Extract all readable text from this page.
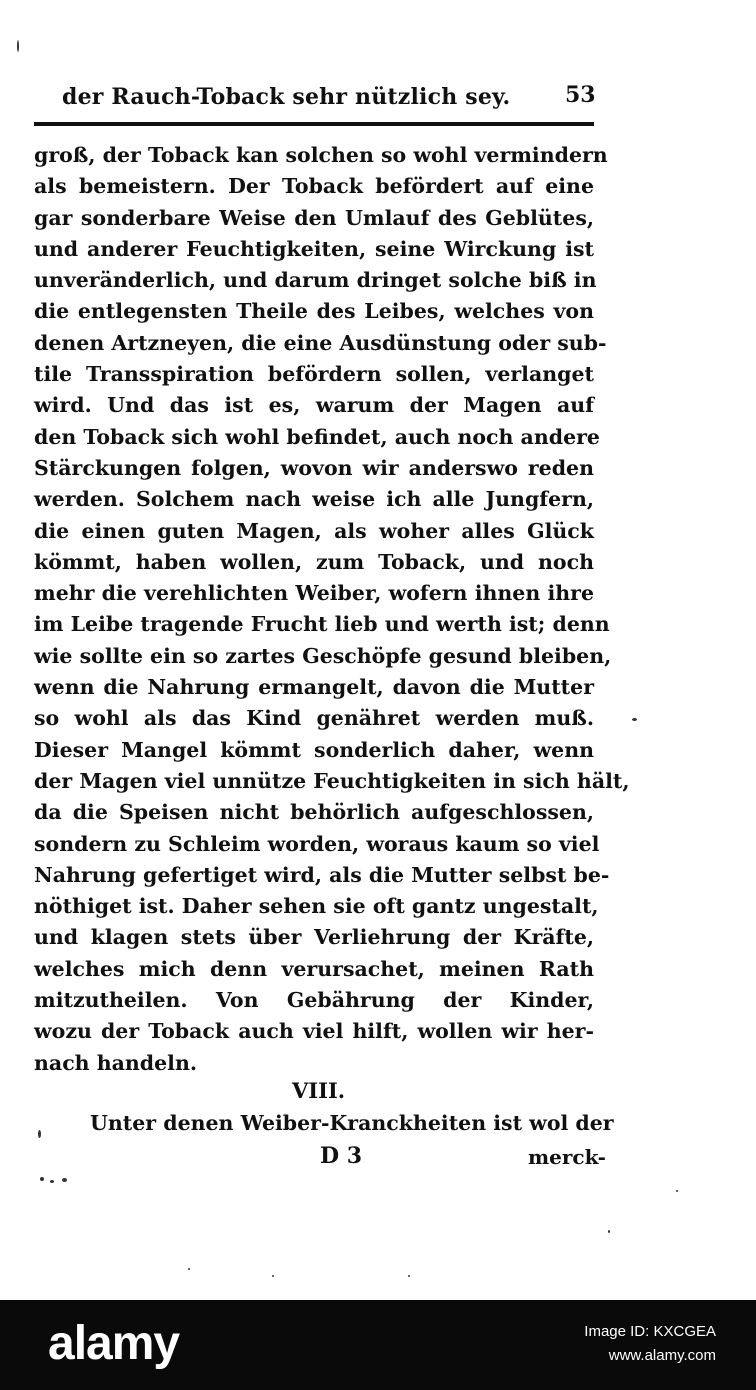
der Rauch-Toback sehr nützlich sey.	53
groß, der Toback kan solchen so wohl vermindern
als bemeistern. Der Toback befördert auf eine
gar sonderbare Weise den Umlauf des Geblütes,
und anderer Feuchtigkeiten, seine Wirckung ist
unveränderlich, und darum dringet solche biß in
die entlegensten Theile des Leibes, welches von
denen Artzneyen, die eine Ausdünstung oder sub-
tile Transspiration befördern sollen, verlanget
wird. Und das ist es, warum der Magen auf
den Toback sich wohl befindet, auch noch andere
Stärckungen folgen, wovon wir anderswo reden
werden. Solchem nach weise ich alle Jungfern,
die einen guten Magen, als woher alles Glück
kömmt, haben wollen, zum Toback, und noch
mehr die verehlichten Weiber, wofern ihnen ihre
im Leibe tragende Frucht lieb und werth ist; denn
wie sollte ein so zartes Geschöpfe gesund bleiben,
wenn die Nahrung ermangelt, davon die Mutter
so wohl als das Kind genähret werden muß.
Dieser Mangel kömmt sonderlich daher, wenn
der Magen viel unnütze Feuchtigkeiten in sich hält,
da die Speisen nicht behörlich aufgeschlossen,
sondern zu Schleim worden, woraus kaum so viel
Nahrung gefertiget wird, als die Mutter selbst be-
nöthiget ist. Daher sehen sie oft gantz ungestalt,
und klagen stets über Verliehrung der Kräfte,
welches mich denn verursachet, meinen Rath
mitzutheilen. Von Gebährung der Kinder,
wozu der Toback auch viel hilft, wollen wir her-
nach handeln.
VIII.
Unter denen Weiber-Kranckheiten ist wol der
D 3	merck-
alamy	Image ID: KXCGEA
www.alamy.com
